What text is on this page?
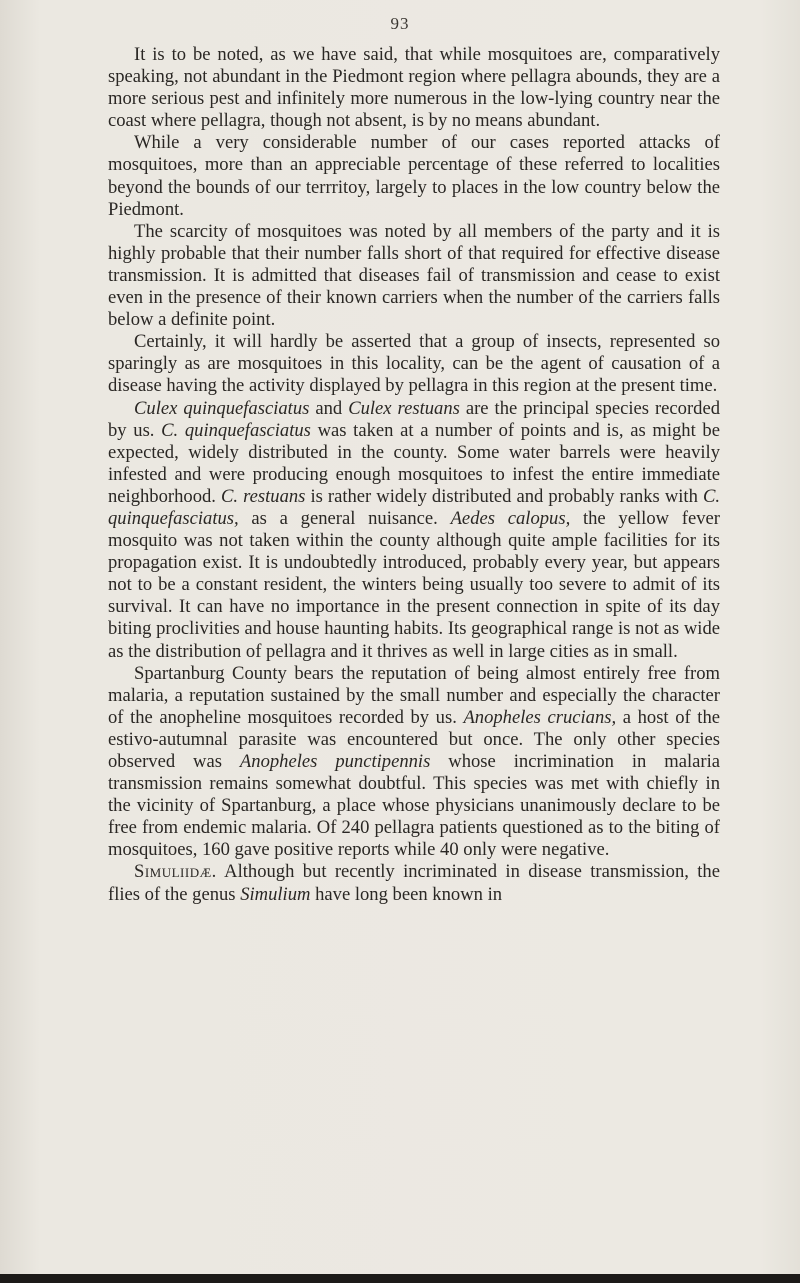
93

It is to be noted, as we have said, that while mosquitoes are, comparatively speaking, not abundant in the Piedmont region where pellagra abounds, they are a more serious pest and infinitely more numerous in the low-lying country near the coast where pellagra, though not absent, is by no means abundant.

While a very considerable number of our cases reported attacks of mosquitoes, more than an appreciable percentage of these referred to localities beyond the bounds of our terrritoy, largely to places in the low country below the Piedmont.

The scarcity of mosquitoes was noted by all members of the party and it is highly probable that their number falls short of that required for effective disease transmission. It is admitted that diseases fail of transmission and cease to exist even in the presence of their known carriers when the number of the carriers falls below a definite point.

Certainly, it will hardly be asserted that a group of insects, represented so sparingly as are mosquitoes in this locality, can be the agent of causation of a disease having the activity displayed by pellagra in this region at the present time.

Culex quinquefasciatus and Culex restuans are the principal species recorded by us. C. quinquefasciatus was taken at a number of points and is, as might be expected, widely distributed in the county. Some water barrels were heavily infested and were producing enough mosquitoes to infest the entire immediate neighborhood. C. restuans is rather widely distributed and probably ranks with C. quinquefasciatus, as a general nuisance. Aedes calopus, the yellow fever mosquito was not taken within the county although quite ample facilities for its propagation exist. It is undoubtedly introduced, probably every year, but appears not to be a constant resident, the winters being usually too severe to admit of its survival. It can have no importance in the present connection in spite of its day biting proclivities and house haunting habits. Its geographical range is not as wide as the distribution of pellagra and it thrives as well in large cities as in small.

Spartanburg County bears the reputation of being almost entirely free from malaria, a reputation sustained by the small number and especially the character of the anopheline mosquitoes recorded by us. Anopheles crucians, a host of the estivo-autumnal parasite was encountered but once. The only other species observed was Anopheles punctipennis whose incrimination in malaria transmission remains somewhat doubtful. This species was met with chiefly in the vicinity of Spartanburg, a place whose physicians unanimously declare to be free from endemic malaria. Of 240 pellagra patients questioned as to the biting of mosquitoes, 160 gave positive reports while 40 only were negative.

Simuliidæ. Although but recently incriminated in disease transmission, the flies of the genus Simulium have long been known in
